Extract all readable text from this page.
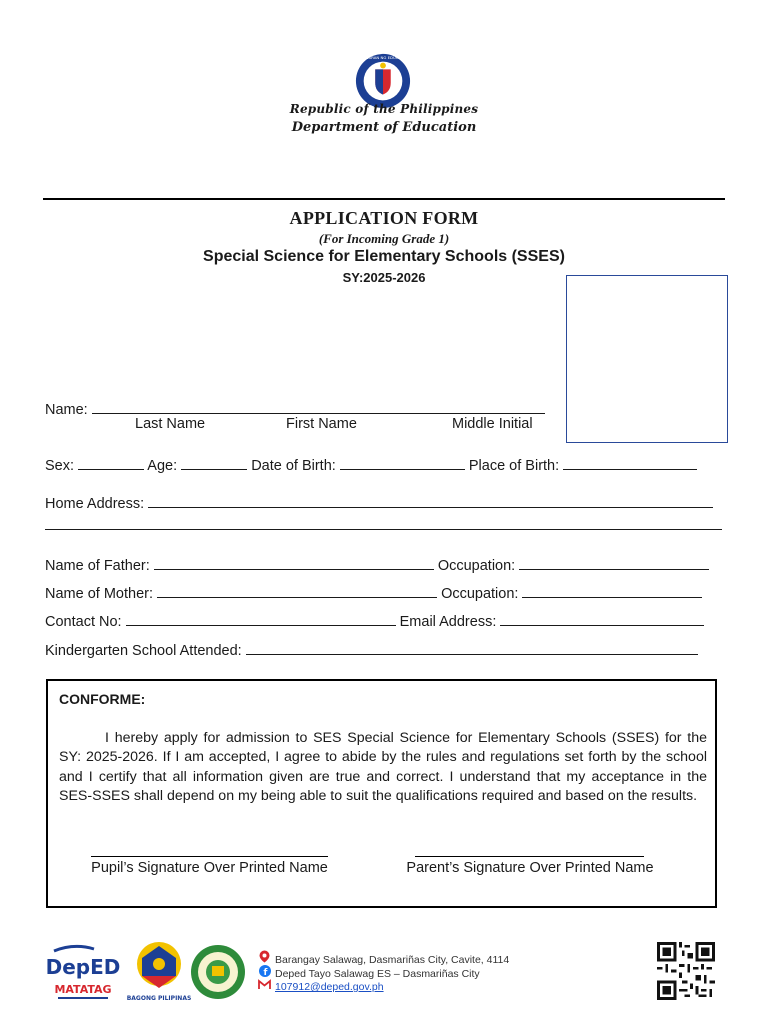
KAGAWARAN NG EDUKASYON
Republic of the Philippines
Department of Education
APPLICATION FORM
(For Incoming Grade 1)
Special Science for Elementary Schools (SSES)
SY:2025-2026
Name:
Last Name	First Name	Middle Initial
Sex:	Age:	Date of Birth:	Place of Birth:
Home Address:
Name of Father:	Occupation:
Name of Mother:	Occupation:
Contact No:	Email Address:
Kindergarten School Attended:
CONFORME:
I hereby apply for admission to SES Special Science for Elementary Schools (SSES) for the SY: 2025-2026. If I am accepted, I agree to abide by the rules and regulations set forth by the school and I certify that all information given are true and correct. I understand that my acceptance in the SES-SSES shall depend on my being able to suit the qualifications required and based on the results.
Pupil’s Signature Over Printed Name	Parent’s Signature Over Printed Name
DepED
MATATAG
BAGONG PILIPINAS
Barangay Salawag, Dasmariñas City, Cavite, 4114
f Deped Tayo Salawag ES – Dasmariñas City
107912@deped.gov.ph
